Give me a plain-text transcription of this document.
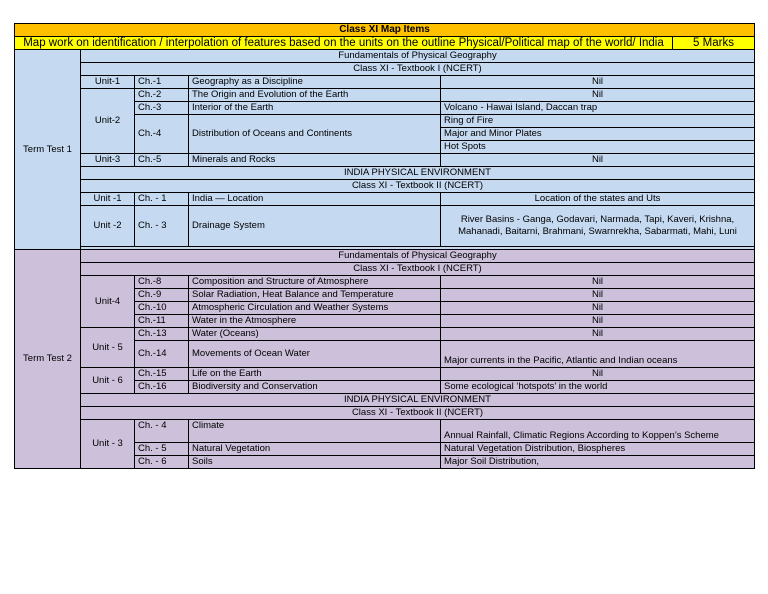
Class XI Map Items					
Map work on identification / interpolation of features based on the units on the outline Physical/Political map of the world/ India					5 Marks
Term Test 1	Fundamentals of Physical Geography				
	Class XI - Textbook I (NCERT)				
	Unit-1	Ch.-1	Geography as a Discipline	Nil	
	Unit-2	Ch.-2	The Origin and Evolution of the Earth	Nil	
		Ch.-3	Interior of the Earth	Volcano - Hawai Island, Daccan trap	
		Ch.-4	Distribution of Oceans and Continents	Ring of Fire	
				Major and Minor Plates	
				Hot Spots	
	Unit-3	Ch.-5	Minerals and Rocks	Nil	
	INDIA PHYSICAL ENVIRONMENT				
	Class XI - Textbook II (NCERT)				
	Unit -1	Ch. - 1	India — Location	Location of the states and Uts	
	Unit -2	Ch. - 3	Drainage System	River Basins - Ganga, Godavari, Narmada, Tapi, Kaveri, Krishna, Mahanadi, Baitarni, Brahmani, Swarnrekha, Sabarmati, Mahi, Luni	

Term Test 2	Fundamentals of Physical Geography				
	Class XI - Textbook I (NCERT)				
	Unit-4	Ch.-8	Composition and Structure of Atmosphere	Nil	
		Ch.-9	Solar Radiation, Heat Balance and Temperature	Nil	
		Ch.-10	Atmospheric Circulation and Weather Systems	Nil	
		Ch.-11	Water in the Atmosphere	Nil	
	Unit - 5	Ch.-13	Water (Oceans)	Nil	
		Ch.-14	Movements of Ocean Water	Major currents in the Pacific, Atlantic and Indian oceans	
	Unit - 6	Ch.-15	Life on the Earth	Nil	
		Ch.-16	Biodiversity and Conservation	Some ecological ‘hotspots’ in the world	
	INDIA PHYSICAL ENVIRONMENT				
	Class XI - Textbook II (NCERT)				
	Unit - 3	Ch. - 4	Climate	Annual Rainfall, Climatic Regions According to Koppen’s Scheme	
		Ch. - 5	Natural Vegetation	Natural Vegetation Distribution, Biospheres	
		Ch. - 6	Soils	Major Soil Distribution,	
